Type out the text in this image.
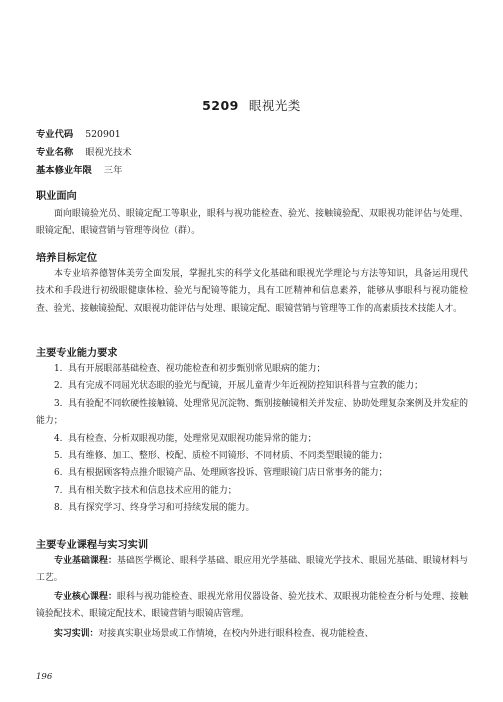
5209 眼视光类
专业代码 520901
专业名称 眼视光技术
基本修业年限 三年
职业面向

面向眼镜验光员、眼镜定配工等职业，眼科与视功能检查、验光、接触镜验配、双眼视功能评估与处理、眼镜定配、眼镜营销与管理等岗位（群）。

培养目标定位

本专业培养德智体美劳全面发展，掌握扎实的科学文化基础和眼视光学理论与方法等知识，具备运用现代技术和手段进行初级眼健康体检、验光与配镜等能力，具有工匠精神和信息素养，能够从事眼科与视功能检查、验光、接触镜验配、双眼视功能评估与处理、眼镜定配、眼镜营销与管理等工作的高素质技术技能人才。

主要专业能力要求
1. 具有开展眼部基础检查、视功能检查和初步甄别常见眼病的能力；
2. 具有完成不同屈光状态眼的验光与配镜，开展儿童青少年近视防控知识科普与宣教的能力；
3. 具有验配不同软硬性接触镜、处理常见沉淀物、甄别接触镜相关并发症、协助处理复杂案例及并发症的能力；
4. 具有检查、分析双眼视功能，处理常见双眼视功能异常的能力；
5. 具有维修、加工、整形、校配、质检不同镜形、不同材质、不同类型眼镜的能力；
6. 具有根据顾客特点推介眼镜产品、处理顾客投诉、管理眼镜门店日常事务的能力；
7. 具有相关数字技术和信息技术应用的能力；
8. 具有探究学习、终身学习和可持续发展的能力。
主要专业课程与实习实训

专业基础课程：基础医学概论、眼科学基础、眼应用光学基础、眼镜光学技术、眼屈光基础、眼镜材料与工艺。

专业核心课程：眼科与视功能检查、眼视光常用仪器设备、验光技术、双眼视功能检查分析与处理、接触镜验配技术、眼镜定配技术、眼镜营销与眼镜店管理。

实习实训：对接真实职业场景或工作情境，在校内外进行眼科检查、视功能检查、

196
